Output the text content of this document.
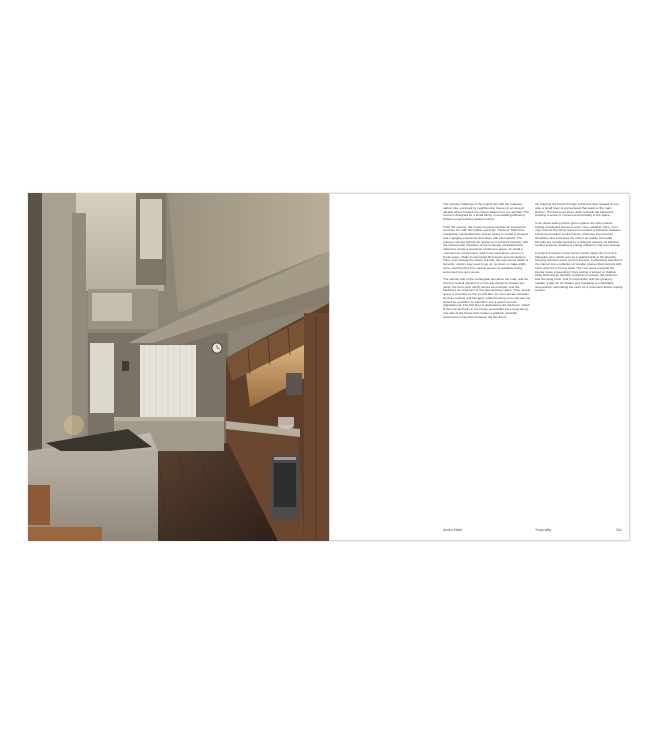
The primary challenge of the project lies with the relatively narrow site, enclosed by neighbouring houses in an area of Jakarta where houses are closely adjacent to one another. The house is designed for a small family, necessitating efficiency without compromising spatial comfort.

From the exterior, the house presents itself as an introverted concrete box with few visible openings. However, Matin has masterfully manipulated the interior space to create a dynamic and engaging experience that plays with perceptions. The primary concept behind the design is to enhance linearity, with the strong linear character of the rectangle celebrated and utilised to create a seamless continuous space. To avoid a monotonous environment, which can sometimes occur in a linear space, Matin incorporated floor levels and orientations. Thus, even though the space is linear, the experience within is dynamic: visitors may need to go up, go down or make slight turns, transforming from narrow spaces to suddenly being welcomed into open areas.

The narrow side of the rectangular site faces the road, and the house's vertical placement on the site therefore creates two yards: the front yard, which serves as a carport, and the backyard, an extension of the internal living space. Thus, ample space is provided on the ground floor for semi-private activities such as cooking and lounging, while the living room can also be closed by a partition to transform into a guest room for grandparents. The first floor is dedicated to the bedroom, which is the only bedroom in the house, accessible via a ramp along one side of the house that creates a gradual, vertically voluminous connection between the two floors.

On entering the house through a discreet door located at one side, a small foyer is encountered that leads to the main kitchen. The floor level steps down towards the backyard, creating a sense of movement and fluidity in the space.

In an urban setting where green spaces are often scarce, having a backyard becomes even more valuable; here, it not only extends the living space but provides a transition between indoor and outdoor environments, promotes improved air circulation and enhances the indoor air quality. Its health benefits are complemented by a reduced reliance on artificial cooling systems, leading to energy efficiency and cost savings.

A small interruption in the home's centre takes the form of a triangular pool, which acts as a spatial break in the linearity, bringing richness and a point of interest. It effectively transforms the interior into a collection of smaller spaces that interlock with each other from front to back. The cool stone expands the interior scale, presenting it from feeling cramped or shallow while fostering an intimate connection between the bedroom and the living room. And in conjunction with the greenery outside, it aids air circulation and maintains a comfortable temperature, eliminating the need for a prominent active cooling system.

Andra Matin	Tropicality	161
